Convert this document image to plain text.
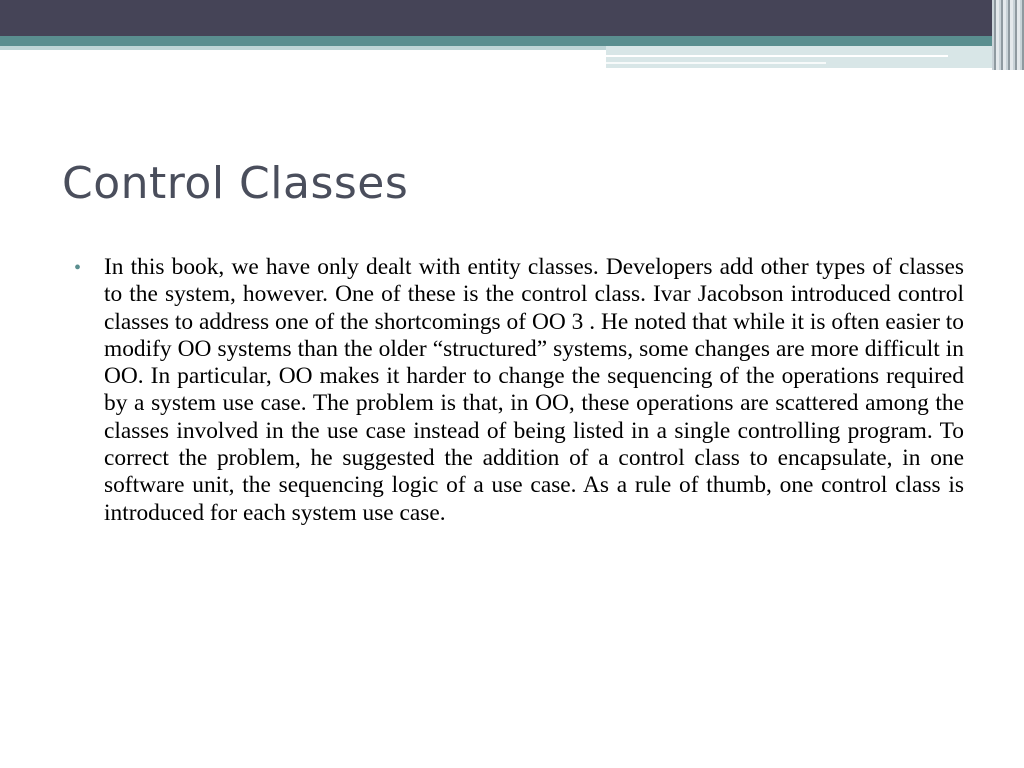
Control Classes
• In this book, we have only dealt with entity classes. Developers add other types of classes to the system, however. One of these is the control class. Ivar Jacobson introduced control classes to address one of the shortcomings of OO 3 . He noted that while it is often easier to modify OO systems than the older “structured” systems, some changes are more difficult in OO. In particular, OO makes it harder to change the sequencing of the operations required by a system use case. The problem is that, in OO, these operations are scattered among the classes involved in the use case instead of being listed in a single controlling program. To correct the problem, he suggested the addition of a control class to encapsulate, in one software unit, the sequencing logic of a use case. As a rule of thumb, one control class is introduced for each system use case.
